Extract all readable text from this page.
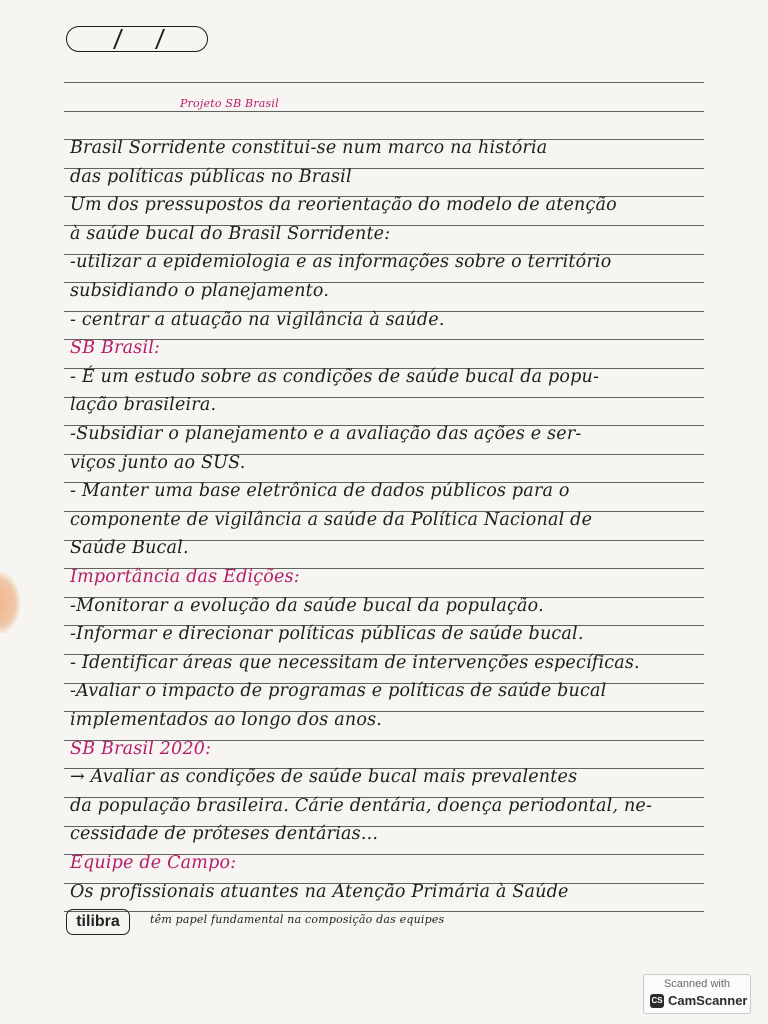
Projeto SB Brasil
Brasil Sorridente constitui-se num marco na história
das políticas públicas no Brasil
Um dos pressupostos da reorientação do modelo de atenção
à saúde bucal do Brasil Sorridente:
-utilizar a epidemiologia e as informações sobre o território
subsidiando o planejamento.
- centrar a atuação na vigilância à saúde.
SB Brasil:
- É um estudo sobre as condições de saúde bucal da popu-
lação brasileira.
-Subsidiar o planejamento e a avaliação das ações e ser-
viços junto ao SUS.
- Manter uma base eletrônica de dados públicos para o
componente de vigilância a saúde da Política Nacional de
Saúde Bucal.
Importância das Edições:
-Monitorar a evolução da saúde bucal da população.
-Informar e direcionar políticas públicas de saúde bucal.
- Identificar áreas que necessitam de intervenções específicas.
-Avaliar o impacto de programas e políticas de saúde bucal
implementados ao longo dos anos.
SB Brasil 2020:
→ Avaliar as condições de saúde bucal mais prevalentes
da população brasileira. Cárie dentária, doença periodontal, ne-
cessidade de próteses dentárias...
Equipe de Campo:
Os profissionais atuantes na Atenção Primária à Saúde
têm papel fundamental na composição das equipes
tilibra
Scanned with
CS CamScanner
